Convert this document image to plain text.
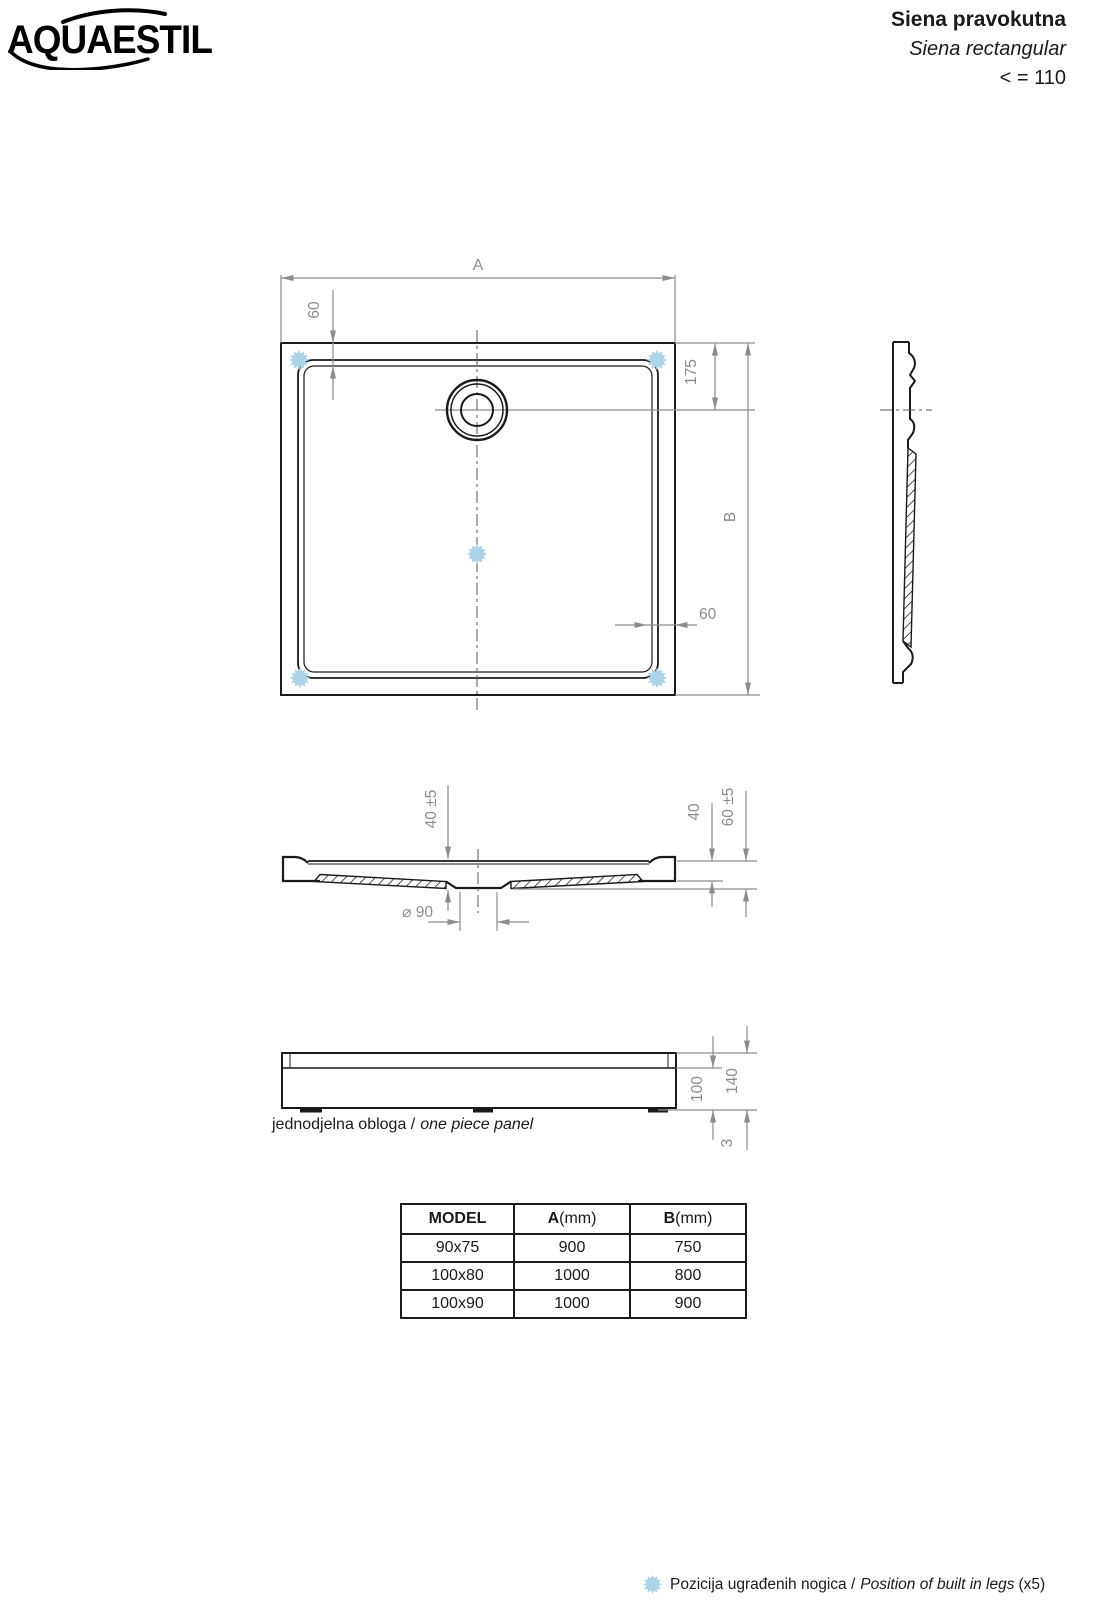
AQUAESTIL	Siena pravokutna
Siena rectangular
< = 110
A
60
175
B
60
40 ±5
⌀ 90
40 60 ±5
100 140
3
jednodjelna obloga / one piece panel
MODEL	A(mm)	B(mm)
90x75	900	750
100x80	1000	800
100x90	1000	900
Pozicija ugrađenih nogica / Position of built in legs (x5)
